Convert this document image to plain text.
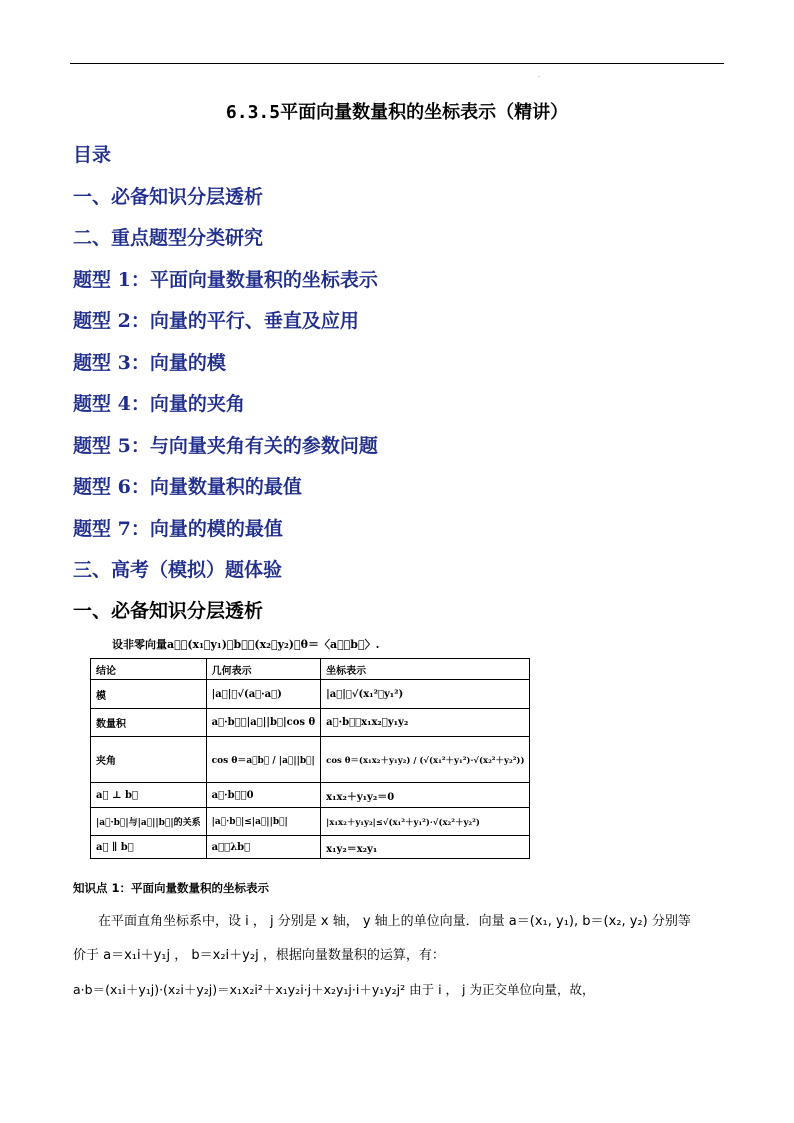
.
6.3.5平面向量数量积的坐标表示（精讲）
目录
一、必备知识分层透析
二、重点题型分类研究
题型 1：平面向量数量积的坐标表示
题型 2：向量的平行、垂直及应用
题型 3：向量的模
题型 4：向量的夹角
题型 5：与向量夹角有关的参数问题
题型 6：向量数量积的最值
题型 7：向量的模的最值
三、高考（模拟）题体验
一、必备知识分层透析
设非零向量a⃗＝(x₁，y₁)，b⃗＝(x₂，y₂)，θ＝〈a⃗，b⃗〉.
结论	几何表示	坐标表示
模	|a⃗|＝√(a⃗·a⃗)	|a⃗|＝√(x₁²＋y₁²)
数量积	a⃗·b⃗＝|a⃗||b⃗|cos θ	a⃗·b⃗＝x₁x₂＋y₁y₂
夹角	cos θ＝a⃗b⃗ / |a⃗||b⃗|	cos θ＝(x₁x₂＋y₁y₂) / (√(x₁²＋y₁²)·√(x₂²＋y₂²))
a⃗ ⊥ b⃗	a⃗·b⃗＝0	x₁x₂＋y₁y₂＝0
|a⃗·b⃗|与|a⃗||b⃗|的关系	|a⃗·b⃗|≤|a⃗||b⃗|	|x₁x₂＋y₁y₂|≤√(x₁²＋y₁²)·√(x₂²＋y₂²)
a⃗ ∥ b⃗	a⃗＝λb⃗	x₁y₂＝x₂y₁
知识点 1：平面向量数量积的坐标表示
在平面直角坐标系中，设 i ， j 分别是 x 轴， y 轴上的单位向量．向量 a＝(x₁, y₁), b＝(x₂, y₂) 分别等
价于 a＝x₁i＋y₁j ， b＝x₂i＋y₂j ，根据向量数量积的运算，有：
a·b＝(x₁i＋y₁j)·(x₂i＋y₂j)＝x₁x₂i²＋x₁y₂i·j＋x₂y₁j·i＋y₁y₂j² 由于 i ， j 为正交单位向量，故，
